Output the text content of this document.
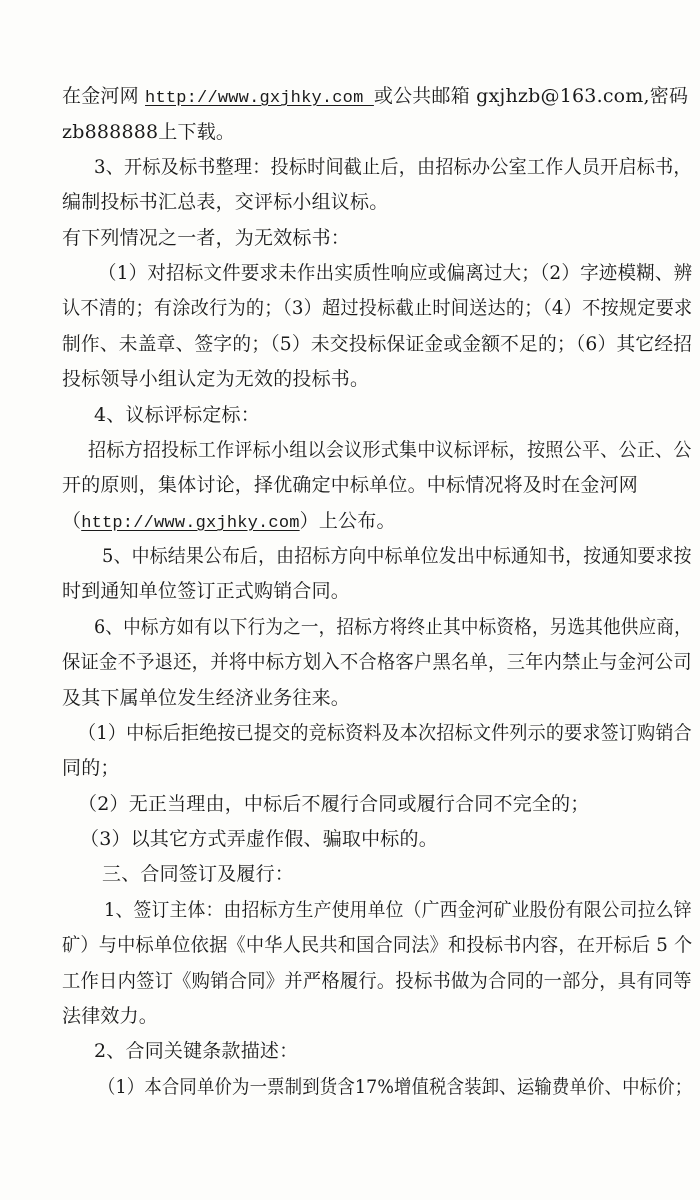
在金河网 http://www.gxjhky.com 或公共邮箱 gxjhzb@163.com,密码
zb888888上下载。
3、开标及标书整理：投标时间截止后，由招标办公室工作人员开启标书，
编制投标书汇总表，交评标小组议标。
有下列情况之一者，为无效标书：
（1）对招标文件要求未作出实质性响应或偏离过大；（2）字迹模糊、辨
认不清的；有涂改行为的；（3）超过投标截止时间送达的；（4）不按规定要求
制作、未盖章、签字的；（5）未交投标保证金或金额不足的；（6）其它经招
投标领导小组认定为无效的投标书。
4、议标评标定标：
招标方招投标工作评标小组以会议形式集中议标评标，按照公平、公正、公
开的原则，集体讨论，择优确定中标单位。中标情况将及时在金河网
（http://www.gxjhky.com）上公布。
5、中标结果公布后，由招标方向中标单位发出中标通知书，按通知要求按
时到通知单位签订正式购销合同。
6、中标方如有以下行为之一，招标方将终止其中标资格，另选其他供应商，
保证金不予退还，并将中标方划入不合格客户黑名单，三年内禁止与金河公司
及其下属单位发生经济业务往来。
（1）中标后拒绝按已提交的竞标资料及本次招标文件列示的要求签订购销合
同的；
（2）无正当理由，中标后不履行合同或履行合同不完全的；
（3）以其它方式弄虚作假、骗取中标的。
三、合同签订及履行：
1、签订主体：由招标方生产使用单位（广西金河矿业股份有限公司拉么锌
矿）与中标单位依据《中华人民共和国合同法》和投标书内容，在开标后 5 个
工作日内签订《购销合同》并严格履行。投标书做为合同的一部分，具有同等
法律效力。
2、合同关键条款描述：
（1）本合同单价为一票制到货含17%增值税含装卸、运输费单价、中标价；
